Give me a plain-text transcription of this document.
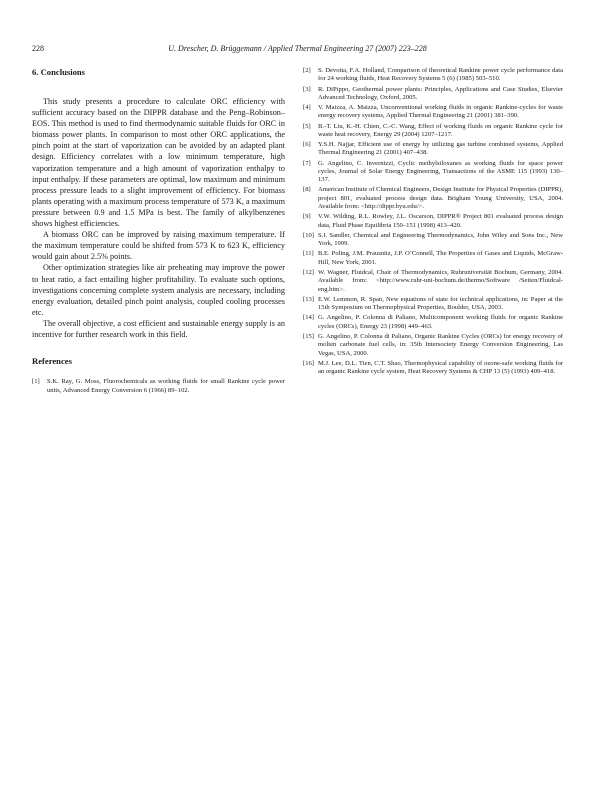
228	U. Drescher, D. Brüggemann / Applied Thermal Engineering 27 (2007) 223–228
6. Conclusions

This study presents a procedure to calculate ORC efficiency with sufficient accuracy based on the DIPPR database and the Peng–Robinson–EOS. This method is used to find thermodynamic suitable fluids for ORC in biomass power plants. In comparison to most other ORC applications, the pinch point at the start of vaporization can be avoided by an adapted plant design. Efficiency correlates with a low minimum temperature, high vaporization temperature and a high amount of vaporization enthalpy to input enthalpy. If these parameters are optimal, low maximum and minimum process pressure leads to a slight improvement of efficiency. For biomass plants operating with a maximum process temperature of 573 K, a maximum pressure between 0.9 and 1.5 MPa is best. The family of alkylbenzenes shows highest efficiencies.

A biomass ORC can be improved by raising maximum temperature. If the maximum temperature could be shifted from 573 K to 623 K, efficiency would gain about 2.5% points.

Other optimization strategies like air preheating may improve the power to heat ratio, a fact entailing higher profitability. To evaluate such options, investigations concerning complete system analysis are necessary, including energy evaluation, detailed pinch point analysis, coupled cooling processes etc.

The overall objective, a cost efficient and sustainable energy supply is an incentive for further research work in this field.

References
[1]	S.K. Ray, G. Moss, Fluorochemicals as working fluids for small Rankine cycle power units, Advanced Energy Conversion 6 (1966) 89–102.
[2]	S. Devotta, F.A. Holland, Comparison of theoretical Rankine power cycle performance data for 24 working fluids, Heat Recovery Systems 5 (6) (1985) 503–510.
[3]	R. DiPippo, Geothermal power plants: Principles, Applications and Case Studies, Elsevier Advanced Technology, Oxford, 2005.
[4]	V. Maizza, A. Maizza, Unconventional working fluids in organic Rankine-cycles for waste energy recovery systems, Applied Thermal Engineering 21 (2001) 381–390.
[5]	B.-T. Liu, K.-H. Chien, C.-C. Wang, Effect of working fluids on organic Rankine cycle for waste heat recovery, Energy 29 (2004) 1207–1217.
[6]	Y.S.H. Najjar, Efficient use of energy by utilizing gas turbine combined systems, Applied Thermal Engineering 21 (2001) 407–438.
[7]	G. Angelino, C. Invernizzi, Cyclic methylsiloxanes as working fluids for space power cycles, Journal of Solar Energy Engineering, Transactions of the ASME 115 (1993) 130–137.
[8]	American Institute of Chemical Engineers, Design Institute for Physical Properties (DIPPR), project 801, evaluated process design data. Brigham Young University, USA, 2004. Available from: <http://dippr.byu.edu/>.
[9]	V.W. Wilding, R.L. Rowley, J.L. Oscarson, DIPPR® Project 801 evaluated process design data, Fluid Phase Equilibria 150–151 (1998) 413–420.
[10] S.I. Sandler, Chemical and Engineering Thermodynamics, John Wiley and Sons Inc., New York, 1999.
[11] B.E. Poling, J.M. Prausnitz, J.P. O’Connell, The Properties of Gases and Liquids, McGraw-Hill, New York, 2001.
[12] W. Wagner, Fluidcal, Chair of Thermodynamics, Ruhruniversität Bochum, Germany, 2004. Available from: <http://www.ruhr-uni-bochum.de/thermo/Software /Seiten/Fluidcal-eng.htm>.
[13] E.W. Lemmon, R. Span, New equations of state for technical applications, in: Paper at the 15th Symposium on Thermophysical Properties, Boulder, USA, 2003.
[14] G. Angelino, P. Colonna di Paliano, Multicomponent working fluids for organic Rankine cycles (ORCs), Energy 23 (1998) 449–463.
[15] G. Angelino, P. Colonna di Paliano, Organic Rankine Cycles (ORCs) for energy recovery of molten carbonate fuel cells, in: 35th Intersociety Energy Conversion Engineering, Las Vegas, USA, 2000.
[16] M.J. Lee, D.L. Tien, C.T. Shao, Thermophysical capability of ozone-safe working fluids for an organic Rankine cycle system, Heat Recovery Systems & CHP 13 (5) (1993) 409–418.
